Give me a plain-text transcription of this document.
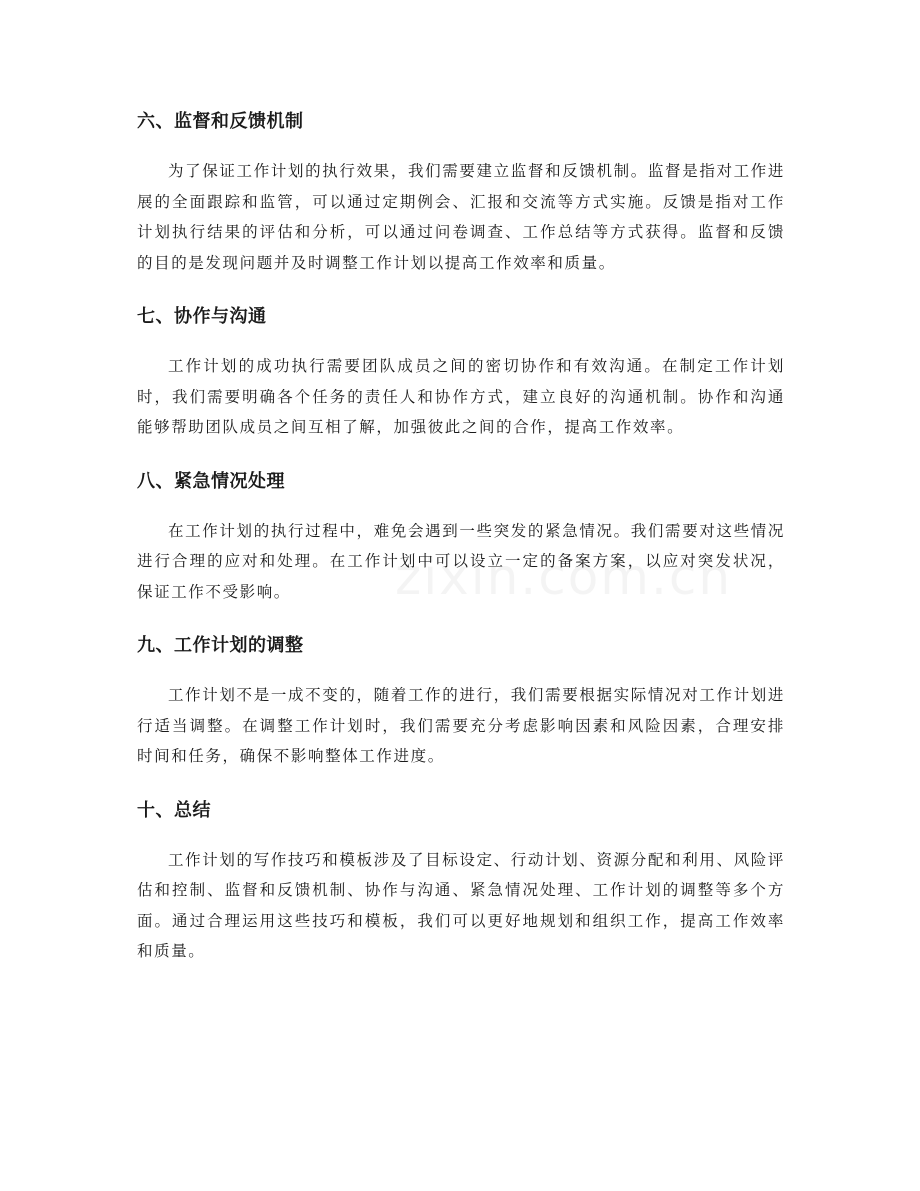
六、监督和反馈机制

为了保证工作计划的执行效果，我们需要建立监督和反馈机制。监督是指对工作进展的全面跟踪和监管，可以通过定期例会、汇报和交流等方式实施。反馈是指对工作计划执行结果的评估和分析，可以通过问卷调查、工作总结等方式获得。监督和反馈的目的是发现问题并及时调整工作计划以提高工作效率和质量。

七、协作与沟通

工作计划的成功执行需要团队成员之间的密切协作和有效沟通。在制定工作计划时，我们需要明确各个任务的责任人和协作方式，建立良好的沟通机制。协作和沟通能够帮助团队成员之间互相了解，加强彼此之间的合作，提高工作效率。

八、紧急情况处理

在工作计划的执行过程中，难免会遇到一些突发的紧急情况。我们需要对这些情况进行合理的应对和处理。在工作计划中可以设立一定的备案方案，以应对突发状况，保证工作不受影响。

九、工作计划的调整

工作计划不是一成不变的，随着工作的进行，我们需要根据实际情况对工作计划进行适当调整。在调整工作计划时，我们需要充分考虑影响因素和风险因素，合理安排时间和任务，确保不影响整体工作进度。

十、总结

工作计划的写作技巧和模板涉及了目标设定、行动计划、资源分配和利用、风险评估和控制、监督和反馈机制、协作与沟通、紧急情况处理、工作计划的调整等多个方面。通过合理运用这些技巧和模板，我们可以更好地规划和组织工作，提高工作效率和质量。
